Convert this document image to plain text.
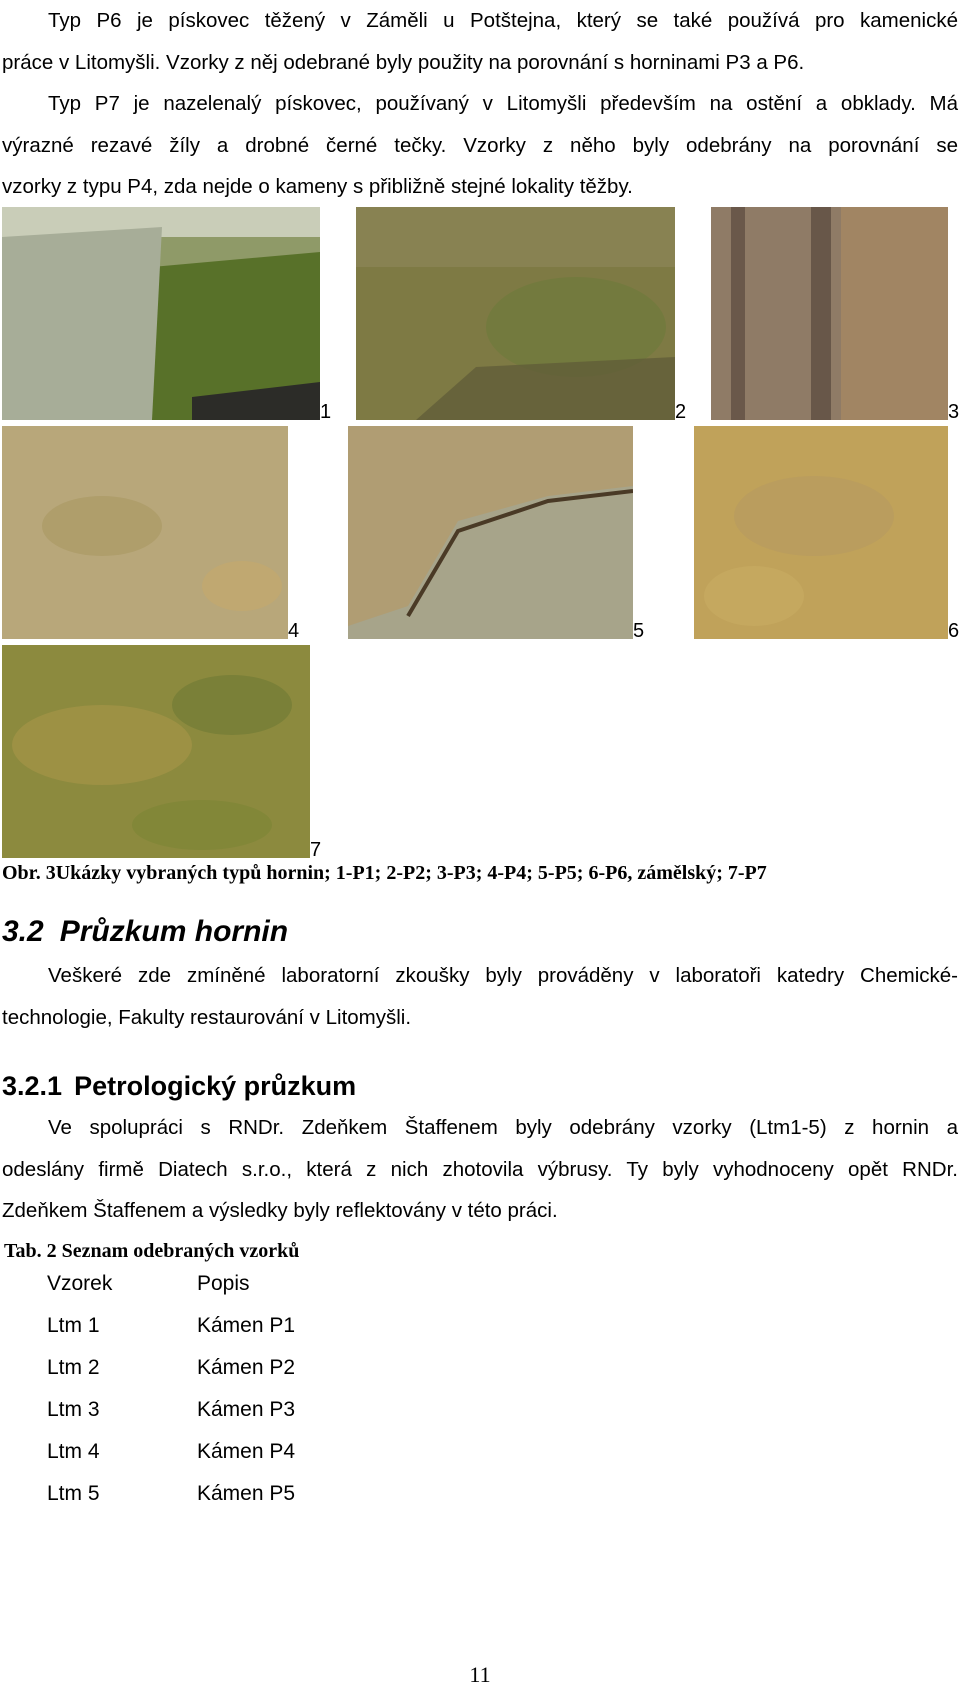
Typ P6 je pískovec těžený v Záměli u Potštejna, který se také používá pro kamenické
práce v Litomyšli. Vzorky z něj odebrané byly použity na porovnání s horninami P3 a P6.
Typ P7 je nazelenalý pískovec, používaný v Litomyšli především na ostění a obklady. Má
výrazné rezavé žíly a drobné černé tečky. Vzorky z něho byly odebrány na porovnání se
vzorky z typu P4, zda nejde o kameny s přibližně stejné lokality těžby.
1	2	3
4	5	6
7
Obr. 3Ukázky vybraných typů hornin; 1-P1; 2-P2; 3-P3; 4-P4; 5-P5; 6-P6, zámělský; 7-P7
3.2 Průzkum hornin
Veškeré zde zmíněné laboratorní zkoušky byly prováděny v laboratoři katedry Chemické-
technologie, Fakulty restaurování v Litomyšli.
3.2.1 Petrologický průzkum
Ve spolupráci s RNDr. Zdeňkem Štaffenem byly odebrány vzorky (Ltm1-5) z hornin a
odeslány firmě Diatech s.r.o., která z nich zhotovila výbrusy. Ty byly vyhodnoceny opět RNDr.
Zdeňkem Štaffenem a výsledky byly reflektovány v této práci.
Tab. 2 Seznam odebraných vzorků
Vzorek	Popis
Ltm 1	Kámen P1
Ltm 2	Kámen P2
Ltm 3	Kámen P3
Ltm 4	Kámen P4
Ltm 5	Kámen P5
11
